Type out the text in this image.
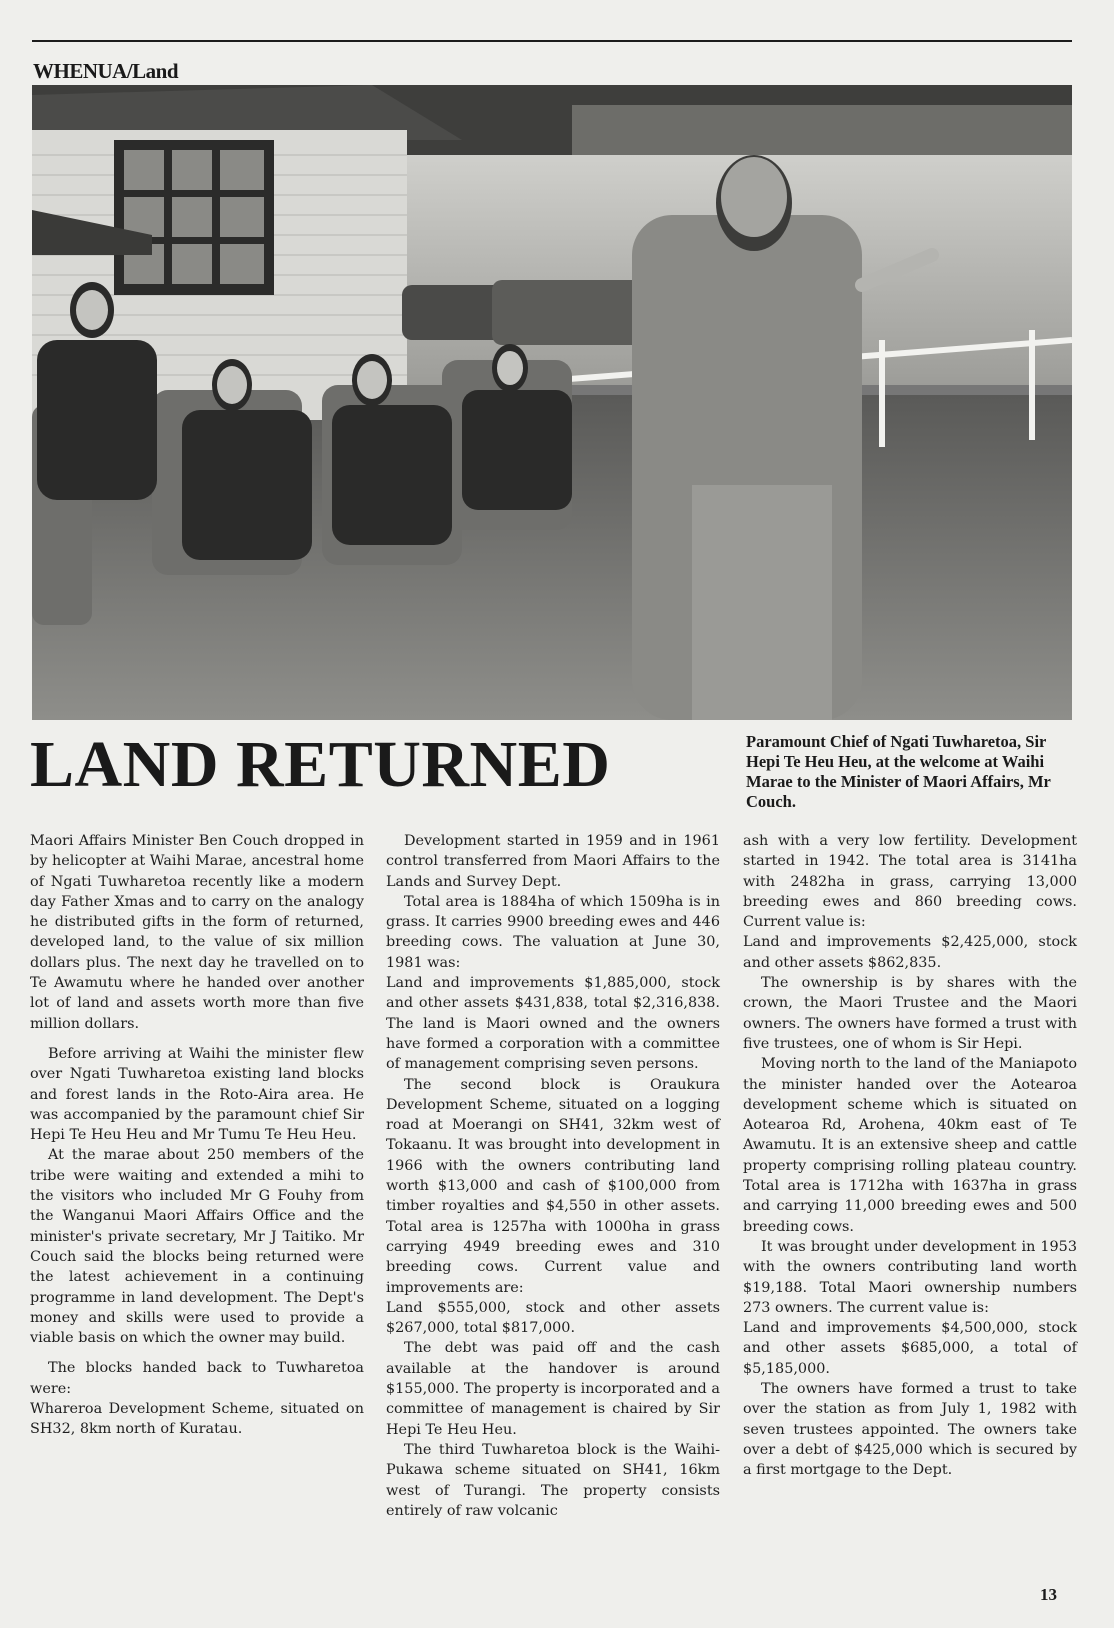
WHENUA/Land
LAND RETURNED	Paramount Chief of Ngati Tuwharetoa, Sir Hepi Te Heu Heu, at the welcome at Waihi Marae to the Minister of Maori Affairs, Mr Couch.

Maori Affairs Minister Ben Couch dropped in by helicopter at Waihi Marae, ancestral home of Ngati Tuwharetoa recently like a modern day Father Xmas and to carry on the analogy he distributed gifts in the form of returned, developed land, to the value of six million dollars plus. The next day he travelled on to Te Awamutu where he handed over another lot of land and assets worth more than five million dollars.

Before arriving at Waihi the minister flew over Ngati Tuwharetoa existing land blocks and forest lands in the Roto-Aira area. He was accompanied by the paramount chief Sir Hepi Te Heu Heu and Mr Tumu Te Heu Heu.

At the marae about 250 members of the tribe were waiting and extended a mihi to the visitors who included Mr G Fouhy from the Wanganui Maori Affairs Office and the minister's private secretary, Mr J Taitiko. Mr Couch said the blocks being returned were the latest achievement in a continuing programme in land development. The Dept's money and skills were used to provide a viable basis on which the owner may build.

The blocks handed back to Tuwharetoa were:

Whareroa Development Scheme, situated on SH32, 8km north of Kuratau.

Development started in 1959 and in 1961 control transferred from Maori Affairs to the Lands and Survey Dept.

Total area is 1884ha of which 1509ha is in grass. It carries 9900 breeding ewes and 446 breeding cows. The valuation at June 30, 1981 was:

Land and improvements $1,885,000, stock and other assets $431,838, total $2,316,838. The land is Maori owned and the owners have formed a corporation with a committee of management comprising seven persons.

The second block is Oraukura Development Scheme, situated on a logging road at Moerangi on SH41, 32km west of Tokaanu. It was brought into development in 1966 with the owners contributing land worth $13,000 and cash of $100,000 from timber royalties and $4,550 in other assets. Total area is 1257ha with 1000ha in grass carrying 4949 breeding ewes and 310 breeding cows. Current value and improvements are:

Land $555,000, stock and other assets $267,000, total $817,000.

The debt was paid off and the cash available at the handover is around $155,000. The property is incorporated and a committee of management is chaired by Sir Hepi Te Heu Heu.

The third Tuwharetoa block is the Waihi-Pukawa scheme situated on SH41, 16km west of Turangi. The property consists entirely of raw volcanic

ash with a very low fertility. Development started in 1942. The total area is 3141ha with 2482ha in grass, carrying 13,000 breeding ewes and 860 breeding cows. Current value is:

Land and improvements $2,425,000, stock and other assets $862,835.

The ownership is by shares with the crown, the Maori Trustee and the Maori owners. The owners have formed a trust with five trustees, one of whom is Sir Hepi.

Moving north to the land of the Maniapoto the minister handed over the Aotearoa development scheme which is situated on Aotearoa Rd, Arohena, 40km east of Te Awamutu. It is an extensive sheep and cattle property comprising rolling plateau country. Total area is 1712ha with 1637ha in grass and carrying 11,000 breeding ewes and 500 breeding cows.

It was brought under development in 1953 with the owners contributing land worth $19,188. Total Maori ownership numbers 273 owners. The current value is:

Land and improvements $4,500,000, stock and other assets $685,000, a total of $5,185,000.

The owners have formed a trust to take over the station as from July 1, 1982 with seven trustees appointed. The owners take over a debt of $425,000 which is secured by a first mortgage to the Dept.

13
